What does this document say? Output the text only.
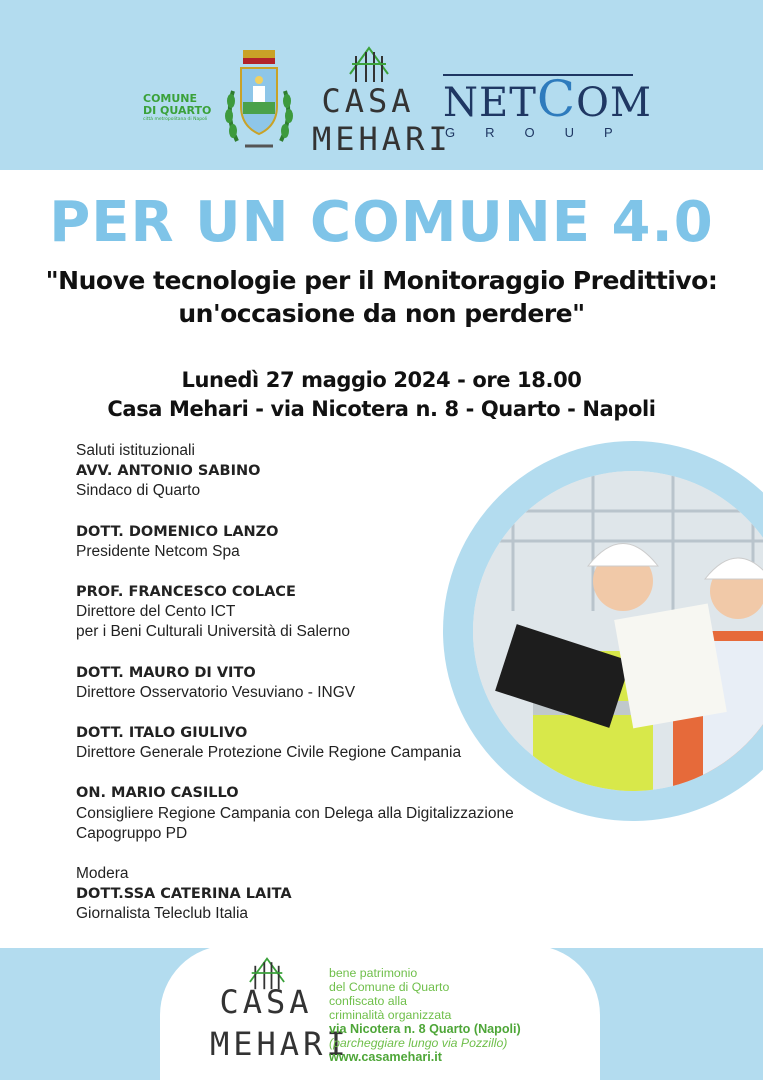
COMUNE
DI QUARTO
città metropolitana di Napoli	CASA
MEHARI
NETCOM
GROUP
PER UN COMUNE 4.0
"Nuove tecnologie per il Monitoraggio Predittivo:
un'occasione da non perdere"
Lunedì 27 maggio 2024 - ore 18.00
Casa Mehari - via Nicotera n. 8 - Quarto - Napoli
Saluti istituzionali
AVV. ANTONIO SABINO
Sindaco di Quarto
DOTT. DOMENICO LANZO
Presidente Netcom Spa
PROF. FRANCESCO COLACE
Direttore del Cento ICT
per i Beni Culturali Università di Salerno
DOTT. MAURO DI VITO
Direttore Osservatorio Vesuviano - INGV
DOTT. ITALO GIULIVO
Direttore Generale Protezione Civile Regione Campania
ON. MARIO CASILLO
Consigliere Regione Campania con Delega alla Digitalizzazione
Capogruppo PD
Modera
DOTT.SSA CATERINA LAITA
Giornalista Teleclub Italia
CASA
MEHARI
bene patrimonio
del Comune di Quarto
confiscato alla
criminalità organizzata
via Nicotera n. 8 Quarto (Napoli)
(parcheggiare lungo via Pozzillo)
www.casamehari.it
